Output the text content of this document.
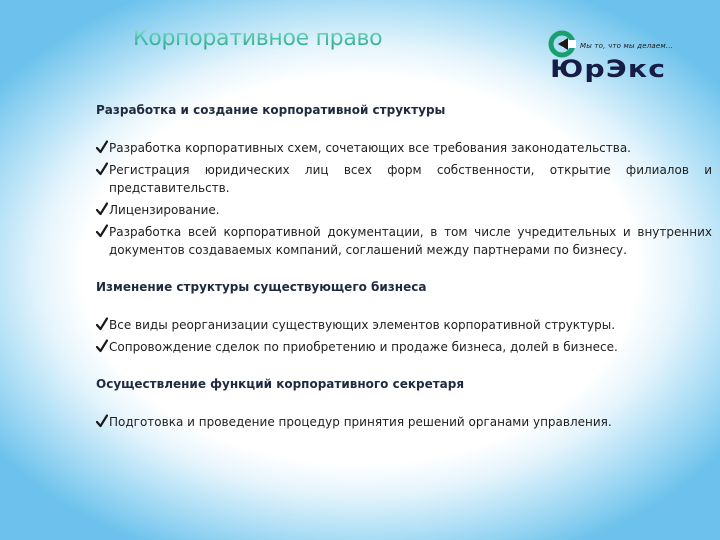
Корпоративное право	Мы то, что мы делаем...
ЮрЭкс

Разработка и создание корпоративной структуры

Разработка корпоративных схем, сочетающих все требования законодательства.
Регистрация юридических лиц всех форм собственности, открытие филиалов и представительств.
Лицензирование.
Разработка всей корпоративной документации, в том числе учредительных и внутренних документов создаваемых компаний, соглашений между партнерами по бизнесу.

Изменение структуры существующего бизнеса

Все виды реорганизации существующих элементов корпоративной структуры.
Сопровождение сделок по приобретению и продаже бизнеса, долей в бизнесе.

Осуществление функций корпоративного секретаря

Подготовка и проведение процедур принятия решений органами управления.
